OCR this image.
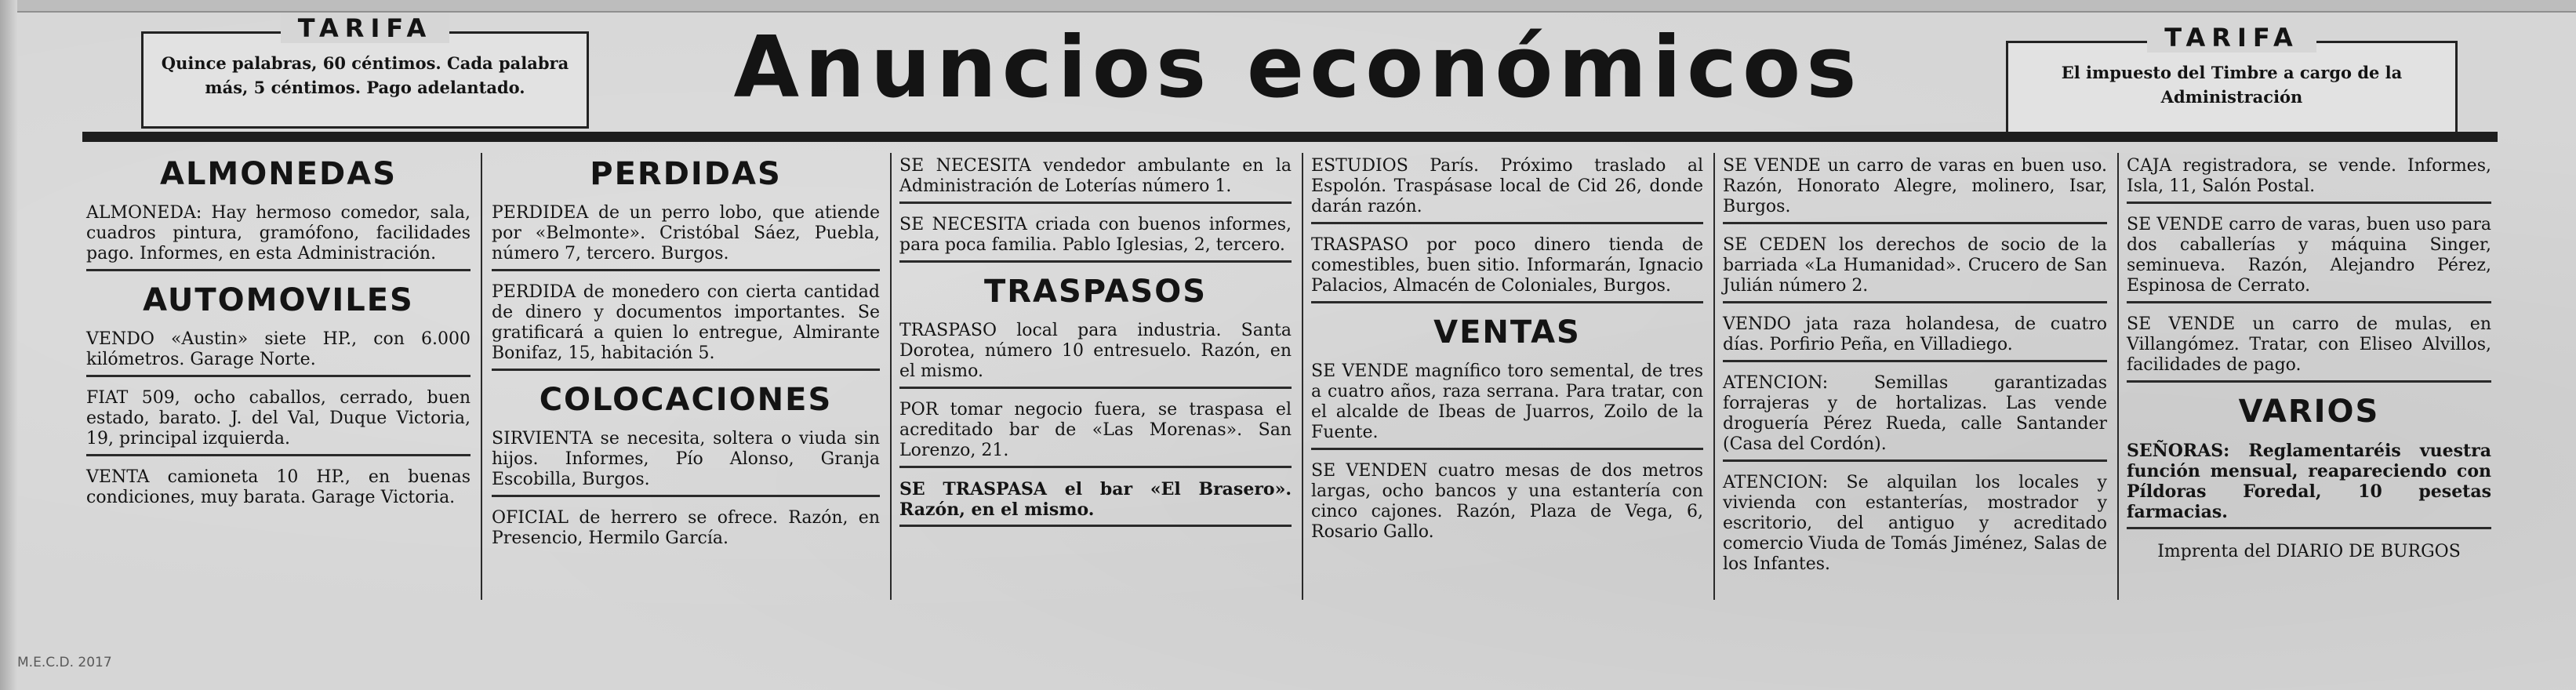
TARIFA
Quince palabras, 60 céntimos. Cada palabra más, 5 céntimos. Pago adelantado.	Anuncios económicos	TARIFA
El impuesto del Timbre a cargo de la Administración
ALMONEDAS
ALMONEDA: Hay hermoso comedor, sala, cuadros pintura, gramófono, facilidades pago. Informes, en esta Administración.
AUTOMOVILES
VENDO «Austin» siete HP., con 6.000 kilómetros. Garage Norte.
FIAT 509, ocho caballos, cerrado, buen estado, barato. J. del Val, Duque Victoria, 19, principal izquierda.
VENTA camioneta 10 HP., en buenas condiciones, muy barata. Garage Victoria.
PERDIDAS
PERDIDEA de un perro lobo, que atiende por «Belmonte». Cristóbal Sáez, Puebla, número 7, tercero. Burgos.
PERDIDA de monedero con cierta cantidad de dinero y documentos importantes. Se gratificará a quien lo entregue, Almirante Bonifaz, 15, habitación 5.
COLOCACIONES
SIRVIENTA se necesita, soltera o viuda sin hijos. Informes, Pío Alonso, Granja Escobilla, Burgos.
OFICIAL de herrero se ofrece. Razón, en Presencio, Hermilo García.
SE NECESITA vendedor ambulante en la Administración de Loterías número 1.
SE NECESITA criada con buenos informes, para poca familia. Pablo Iglesias, 2, tercero.
TRASPASOS
TRASPASO local para industria. Santa Dorotea, número 10 entresuelo. Razón, en el mismo.
POR tomar negocio fuera, se traspasa el acreditado bar de «Las Morenas». San Lorenzo, 21.
SE TRASPASA el bar «El Brasero». Razón, en el mismo.
ESTUDIOS París. Próximo traslado al Espolón. Traspásase local de Cid 26, donde darán razón.
TRASPASO por poco dinero tienda de comestibles, buen sitio. Informarán, Ignacio Palacios, Almacén de Coloniales, Burgos.
VENTAS
SE VENDE magnífico toro semental, de tres a cuatro años, raza serrana. Para tratar, con el alcalde de Ibeas de Juarros, Zoilo de la Fuente.
SE VENDEN cuatro mesas de dos metros largas, ocho bancos y una estantería con cinco cajones. Razón, Plaza de Vega, 6, Rosario Gallo.
SE VENDE un carro de varas en buen uso. Razón, Honorato Alegre, molinero, Isar, Burgos.
SE CEDEN los derechos de socio de la barriada «La Humanidad». Crucero de San Julián número 2.
VENDO jata raza holandesa, de cuatro días. Porfirio Peña, en Villadiego.
ATENCION: Semillas garantizadas forrajeras y de hortalizas. Las vende droguería Pérez Rueda, calle Santander (Casa del Cordón).
ATENCION: Se alquilan los locales y vivienda con estanterías, mostrador y escritorio, del antiguo y acreditado comercio Viuda de Tomás Jiménez, Salas de los Infantes.
CAJA registradora, se vende. Informes, Isla, 11, Salón Postal.
SE VENDE carro de varas, buen uso para dos caballerías y máquina Singer, seminueva. Razón, Alejandro Pérez, Espinosa de Cerrato.
SE VENDE un carro de mulas, en Villangómez. Tratar, con Eliseo Alvillos, facilidades de pago.
VARIOS
SEÑORAS: Reglamentaréis vuestra función mensual, reapareciendo con Píldoras Foredal, 10 pesetas farmacias.
Imprenta del DIARIO DE BURGOS
M.E.C.D. 2017
